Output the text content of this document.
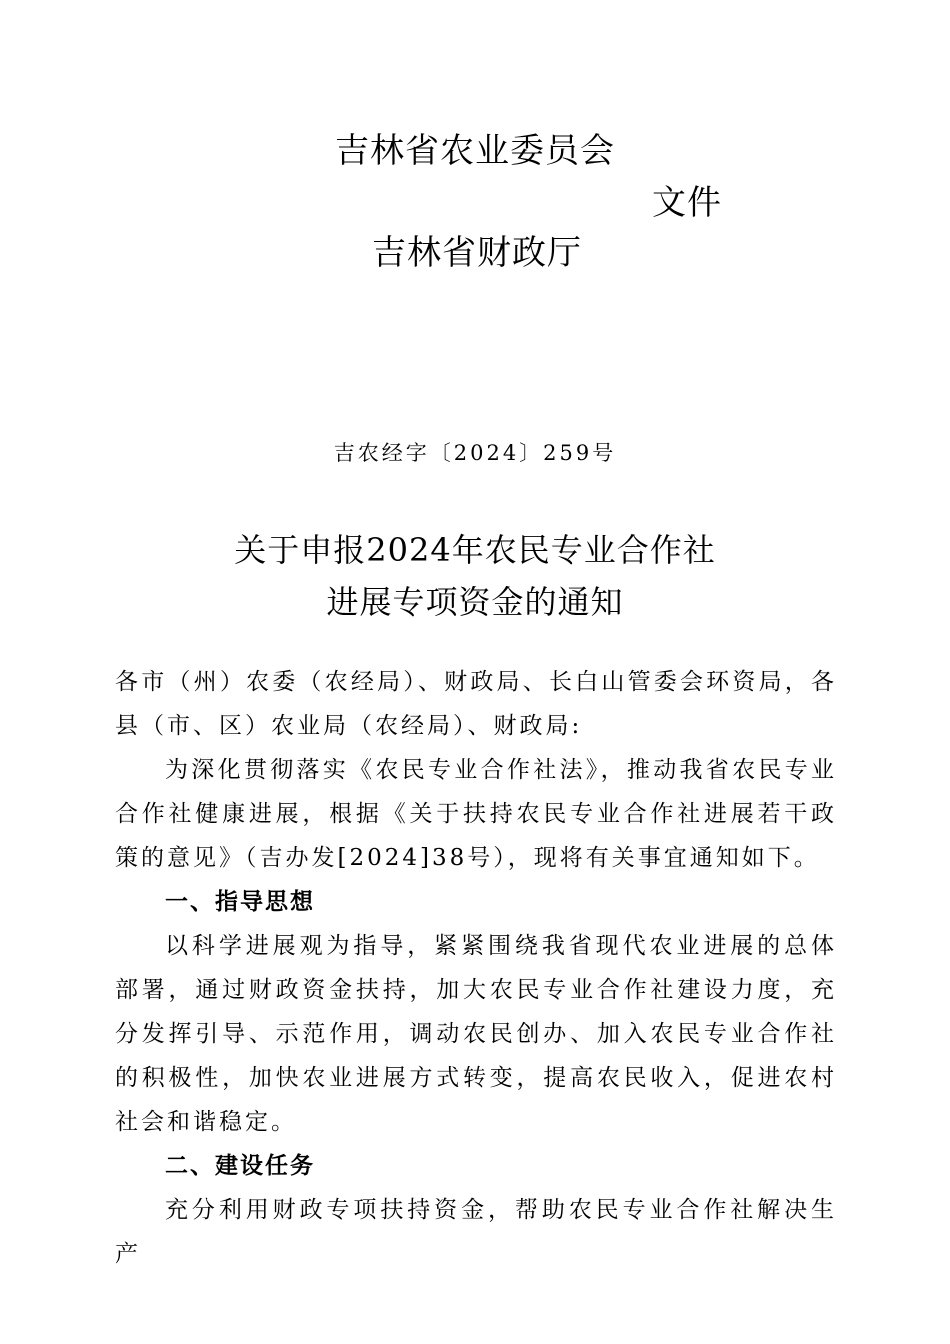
吉林省农业委员会
文件
吉林省财政厅
吉农经字〔2024〕259号
关于申报2024年农民专业合作社
进展专项资金的通知

各市（州）农委（农经局）、财政局、长白山管委会环资局，各县（市、区）农业局（农经局）、财政局:

为深化贯彻落实《农民专业合作社法》，推动我省农民专业合作社健康进展，根据《关于扶持农民专业合作社进展若干政策的意见》（吉办发[2024]38号），现将有关事宜通知如下。

一、指导思想

以科学进展观为指导，紧紧围绕我省现代农业进展的总体部署，通过财政资金扶持，加大农民专业合作社建设力度，充分发挥引导、示范作用，调动农民创办、加入农民专业合作社的积极性，加快农业进展方式转变，提高农民收入，促进农村社会和谐稳定。

二、建设任务

充分利用财政专项扶持资金，帮助农民专业合作社解决生产
